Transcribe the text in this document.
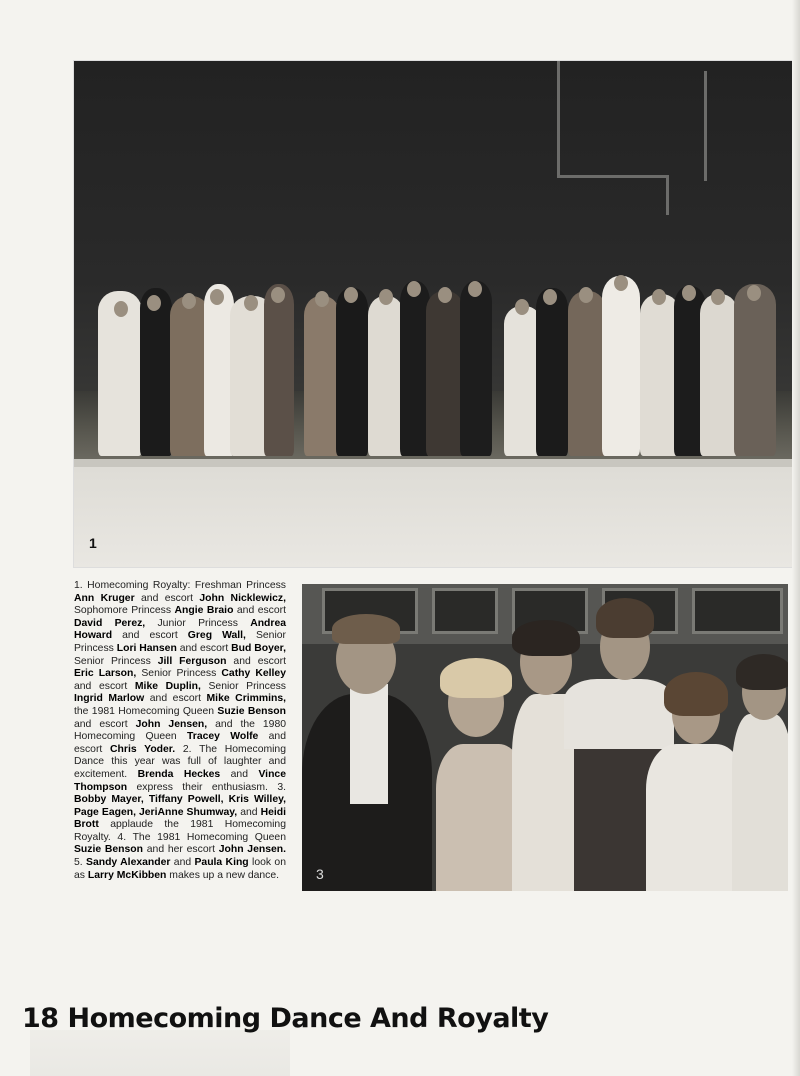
1
1. Homecoming Royalty: Freshman Princess Ann Kruger and escort John Nicklewicz, Sophomore Princess Angie Braio and escort David Perez, Junior Princess Andrea Howard and escort Greg Wall, Senior Princess Lori Hansen and escort Bud Boyer, Senior Princess Jill Ferguson and escort Eric Larson, Senior Princess Cathy Kelley and escort Mike Duplin, Senior Princess Ingrid Marlow and escort Mike Crimmins, the 1981 Homecoming Queen Suzie Benson and escort John Jensen, and the 1980 Homecoming Queen Tracey Wolfe and escort Chris Yoder. 2. The Homecoming Dance this year was full of laughter and excitement. Brenda Heckes and Vince Thompson express their enthusiasm. 3. Bobby Mayer, Tiffany Powell, Kris Willey, Page Eagen, JeriAnne Shumway, and Heidi Brott applaude the 1981 Homecoming Royalty. 4. The 1981 Homecoming Queen Suzie Benson and her escort John Jensen. 5. Sandy Alexander and Paula King look on as Larry McKibben makes up a new dance.	3
18 Homecoming Dance And Royalty
